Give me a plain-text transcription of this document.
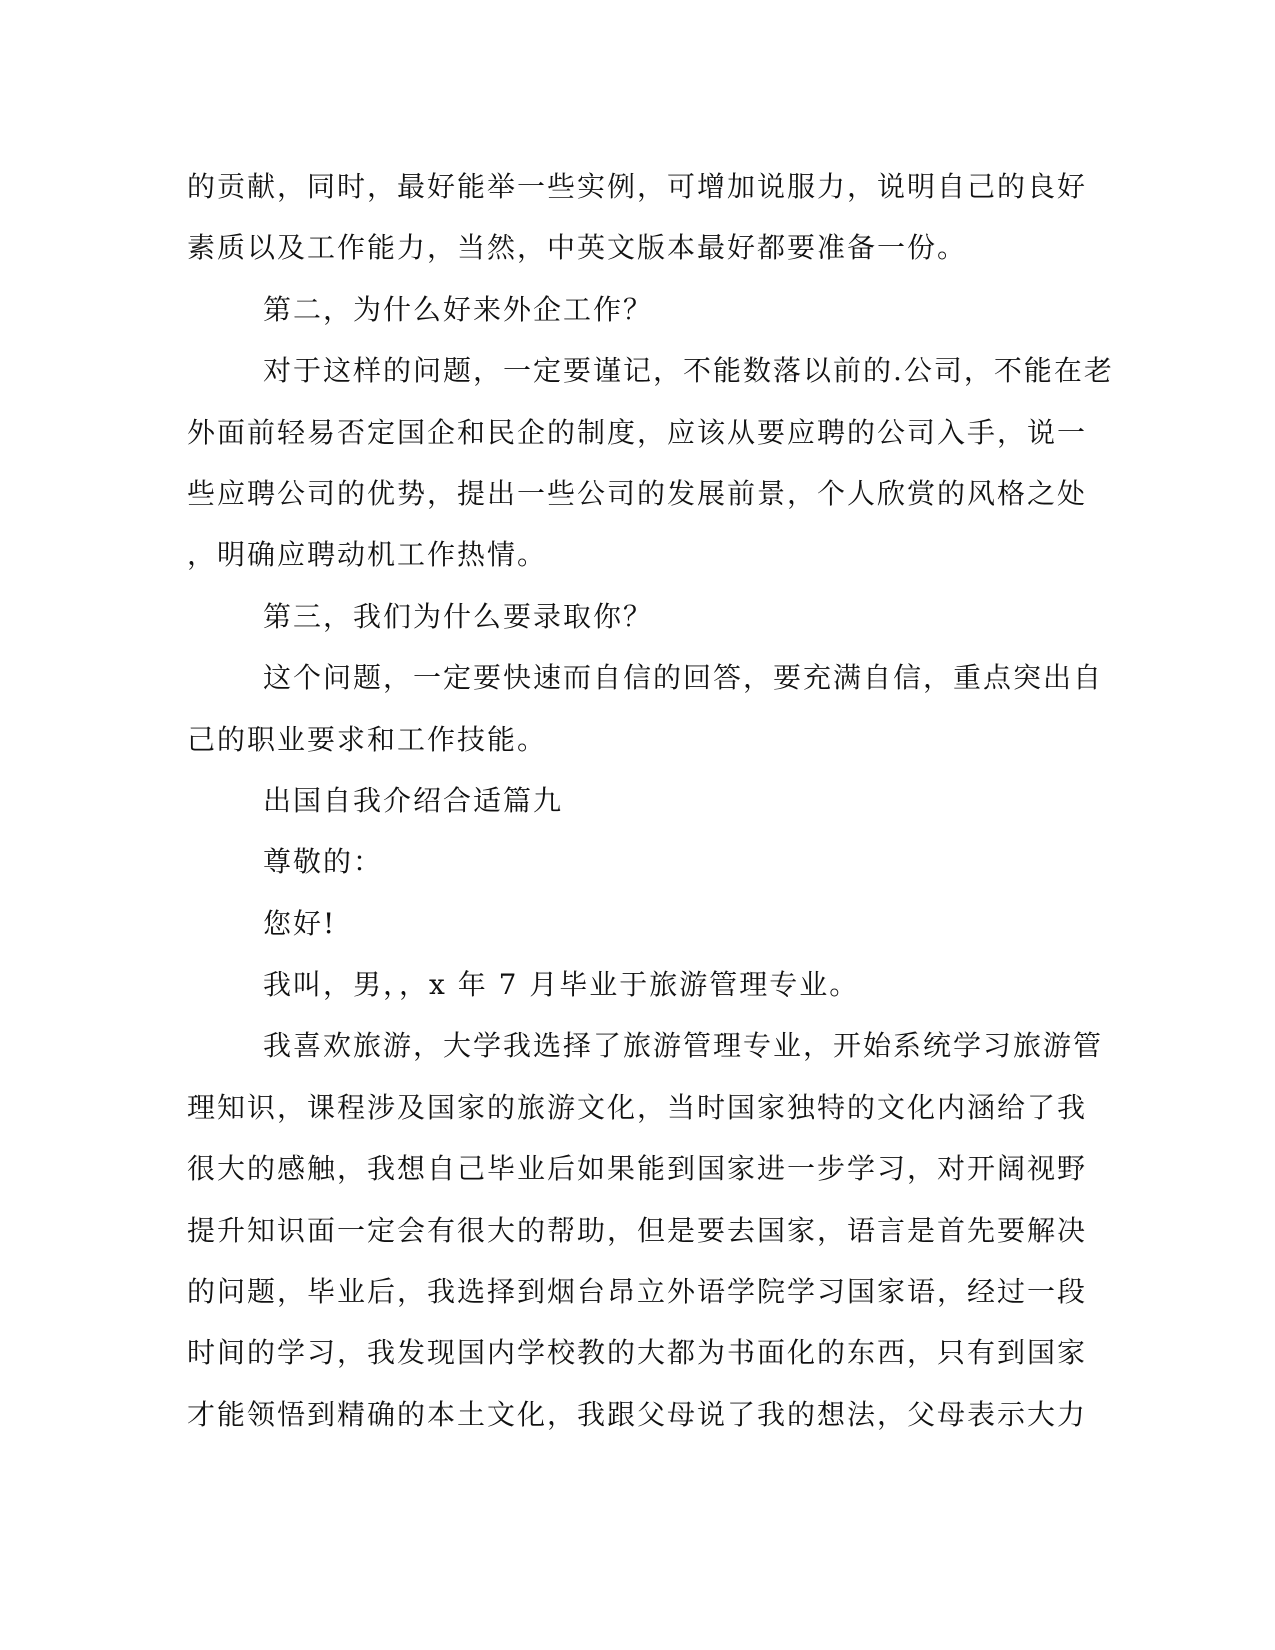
的贡献，同时，最好能举一些实例，可增加说服力，说明自己的良好
素质以及工作能力，当然，中英文版本最好都要准备一份。
第二，为什么好来外企工作？
对于这样的问题，一定要谨记，不能数落以前的.公司，不能在老
外面前轻易否定国企和民企的制度，应该从要应聘的公司入手，说一
些应聘公司的优势，提出一些公司的发展前景，个人欣赏的风格之处
，明确应聘动机工作热情。
第三，我们为什么要录取你？
这个问题，一定要快速而自信的回答，要充满自信，重点突出自
己的职业要求和工作技能。
出国自我介绍合适篇九
尊敬的：
您好!
我叫，男，，x 年 7 月毕业于旅游管理专业。
我喜欢旅游，大学我选择了旅游管理专业，开始系统学习旅游管
理知识，课程涉及国家的旅游文化，当时国家独特的文化内涵给了我
很大的感触，我想自己毕业后如果能到国家进一步学习，对开阔视野
提升知识面一定会有很大的帮助，但是要去国家，语言是首先要解决
的问题，毕业后，我选择到烟台昂立外语学院学习国家语，经过一段
时间的学习，我发现国内学校教的大都为书面化的东西，只有到国家
才能领悟到精确的本土文化，我跟父母说了我的想法，父母表示大力
